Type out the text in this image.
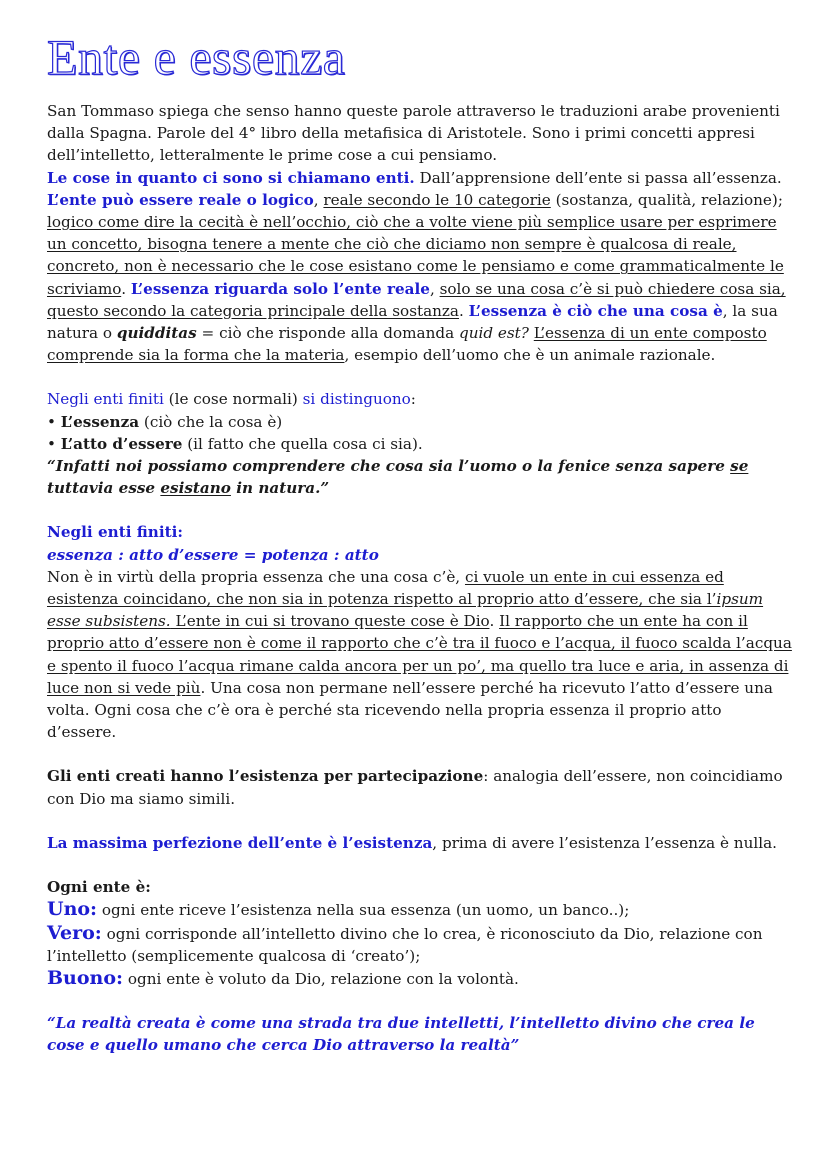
Ente e essenza

San Tommaso spiega che senso hanno queste parole attraverso le traduzioni arabe provenienti dalla Spagna. Parole del 4° libro della metafisica di Aristotele. Sono i primi concetti appresi dell’intelletto, letteralmente le prime cose a cui pensiamo.
Le cose in quanto ci sono si chiamano enti. Dall’apprensione dell’ente si passa all’essenza.
L’ente può essere reale o logico, reale secondo le 10 categorie (sostanza, qualità, relazione); logico come dire la cecità è nell’occhio, ciò che a volte viene più semplice usare per esprimere un concetto, bisogna tenere a mente che ciò che diciamo non sempre è qualcosa di reale, concreto, non è necessario che le cose esistano come le pensiamo e come grammaticalmente le scriviamo. L’essenza riguarda solo l’ente reale, solo se una cosa c’è si può chiedere cosa sia, questo secondo la categoria principale della sostanza. L’essenza è ciò che una cosa è, la sua natura o quidditas = ciò che risponde alla domanda quid est? L’essenza di un ente composto comprende sia la forma che la materia, esempio dell’uomo che è un animale razionale.

Negli enti finiti (le cose normali) si distinguono:
• L’essenza (ciò che la cosa è)
• L’atto d’essere (il fatto che quella cosa ci sia).
“Infatti noi possiamo comprendere che cosa sia l’uomo o la fenice senza sapere se tuttavia esse esistano in natura.”
Negli enti finiti:
essenza : atto d’essere = potenza : atto
Non è in virtù della propria essenza che una cosa c’è, ci vuole un ente in cui essenza ed esistenza coincidano, che non sia in potenza rispetto al proprio atto d’essere, che sia l’ipsum esse subsistens. L’ente in cui si trovano queste cose è Dio. Il rapporto che un ente ha con il proprio atto d’essere non è come il rapporto che c’è tra il fuoco e l’acqua, il fuoco scalda l’acqua e spento il fuoco l’acqua rimane calda ancora per un po’, ma quello tra luce e aria, in assenza di luce non si vede più. Una cosa non permane nell’essere perché ha ricevuto l’atto d’essere una volta. Ogni cosa che c’è ora è perché sta ricevendo nella propria essenza il proprio atto d’essere.

Gli enti creati hanno l’esistenza per partecipazione: analogia dell’essere, non coincidiamo con Dio ma siamo simili.

La massima perfezione dell’ente è l’esistenza, prima di avere l’esistenza l’essenza è nulla.

Ogni ente è:
Uno: ogni ente riceve l’esistenza nella sua essenza (un uomo, un banco..);
Vero: ogni corrisponde all’intelletto divino che lo crea, è riconosciuto da Dio, relazione con l’intelletto (semplicemente qualcosa di ‘creato’);
Buono: ogni ente è voluto da Dio, relazione con la volontà.

“La realtà creata è come una strada tra due intelletti, l’intelletto divino che crea le cose e quello umano che cerca Dio attraverso la realtà”
